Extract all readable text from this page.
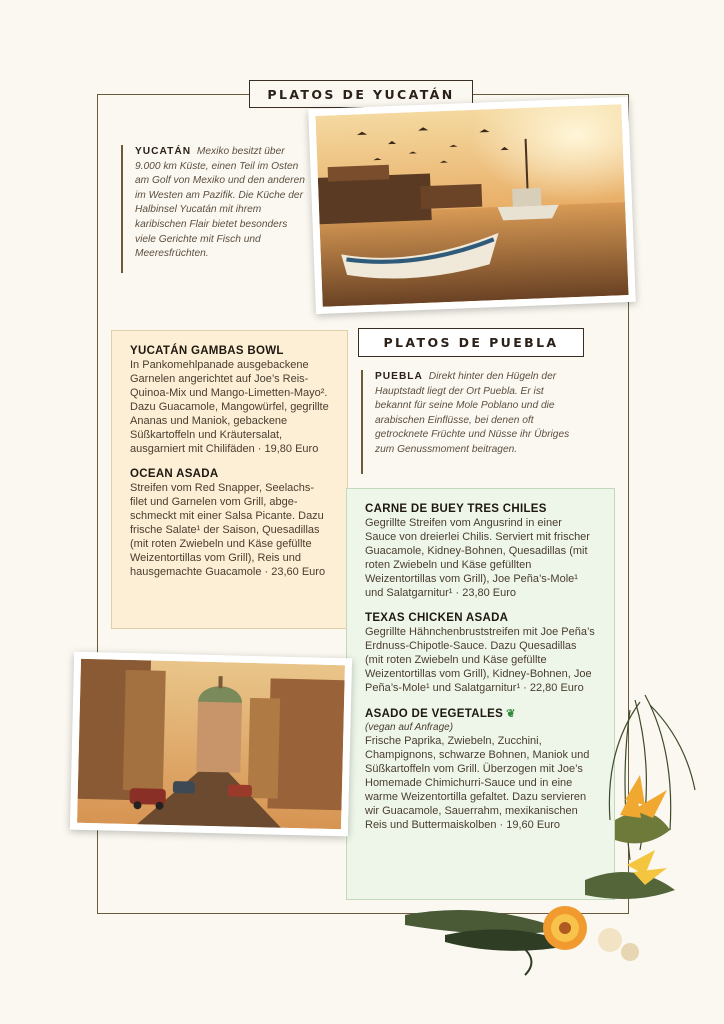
PLATOS DE YUCATÁN
YUCATÁN Mexiko besitzt über 9.000 km Küste, einen Teil im Osten am Golf von Mexiko und den anderen im Westen am Pazifik. Die Küche der Halbinsel Yucatán mit ihrem karibischen Flair bietet besonders viele Gerichte mit Fisch und Meeresfrüchten.
YUCATÁN GAMBAS BOWL
In Pankomehlpanade ausgebackene Garnelen angerichtet auf Joe’s Reis-Quinoa-Mix und Mango-Limetten-Mayo². Dazu Guacamole, Mangowürfel, gegrillte Ananas und Maniok, gebackene Süßkartoffeln und Kräutersalat, ausgarniert mit Chilifäden · 19,80 Euro
OCEAN ASADA
Streifen vom Red Snapper, Seelachs-filet und Garnelen vom Grill, abge-schmeckt mit einer Salsa Picante. Dazu frische Salate¹ der Saison, Quesadillas (mit roten Zwiebeln und Käse gefüllte Weizentortillas vom Grill), Reis und hausgemachte Guacamole · 23,60 Euro
PLATOS DE PUEBLA
PUEBLA Direkt hinter den Hügeln der Hauptstadt liegt der Ort Puebla. Er ist bekannt für seine Mole Poblano und die arabischen Einflüsse, bei denen oft getrocknete Früchte und Nüsse ihr Übriges zum Genussmoment beitragen.
CARNE DE BUEY TRES CHILES
Gegrillte Streifen vom Angusrind in einer Sauce von dreierlei Chilis. Serviert mit frischer Guacamole, Kidney-Bohnen, Quesadillas (mit roten Zwiebeln und Käse gefüllten Weizentortillas vom Grill), Joe Peña’s-Mole¹ und Salatgarnitur¹ · 23,80 Euro
TEXAS CHICKEN ASADA
Gegrillte Hähnchenbruststreifen mit Joe Peña’s Erdnuss-Chipotle-Sauce. Dazu Quesadillas (mit roten Zwiebeln und Käse gefüllte Weizentortillas vom Grill), Kidney-Bohnen, Joe Peña’s-Mole¹ und Salatgarnitur¹ · 22,80 Euro
ASADO DE VEGETALES ❦
(vegan auf Anfrage)
Frische Paprika, Zwiebeln, Zucchini, Champignons, schwarze Bohnen, Maniok und Süßkartoffeln vom Grill. Überzogen mit Joe’s Homemade Chimichurri-Sauce und in eine warme Weizentortilla gefaltet. Dazu servieren wir Guacamole, Sauerrahm, mexikanischen Reis und Buttermaiskolben · 19,60 Euro
